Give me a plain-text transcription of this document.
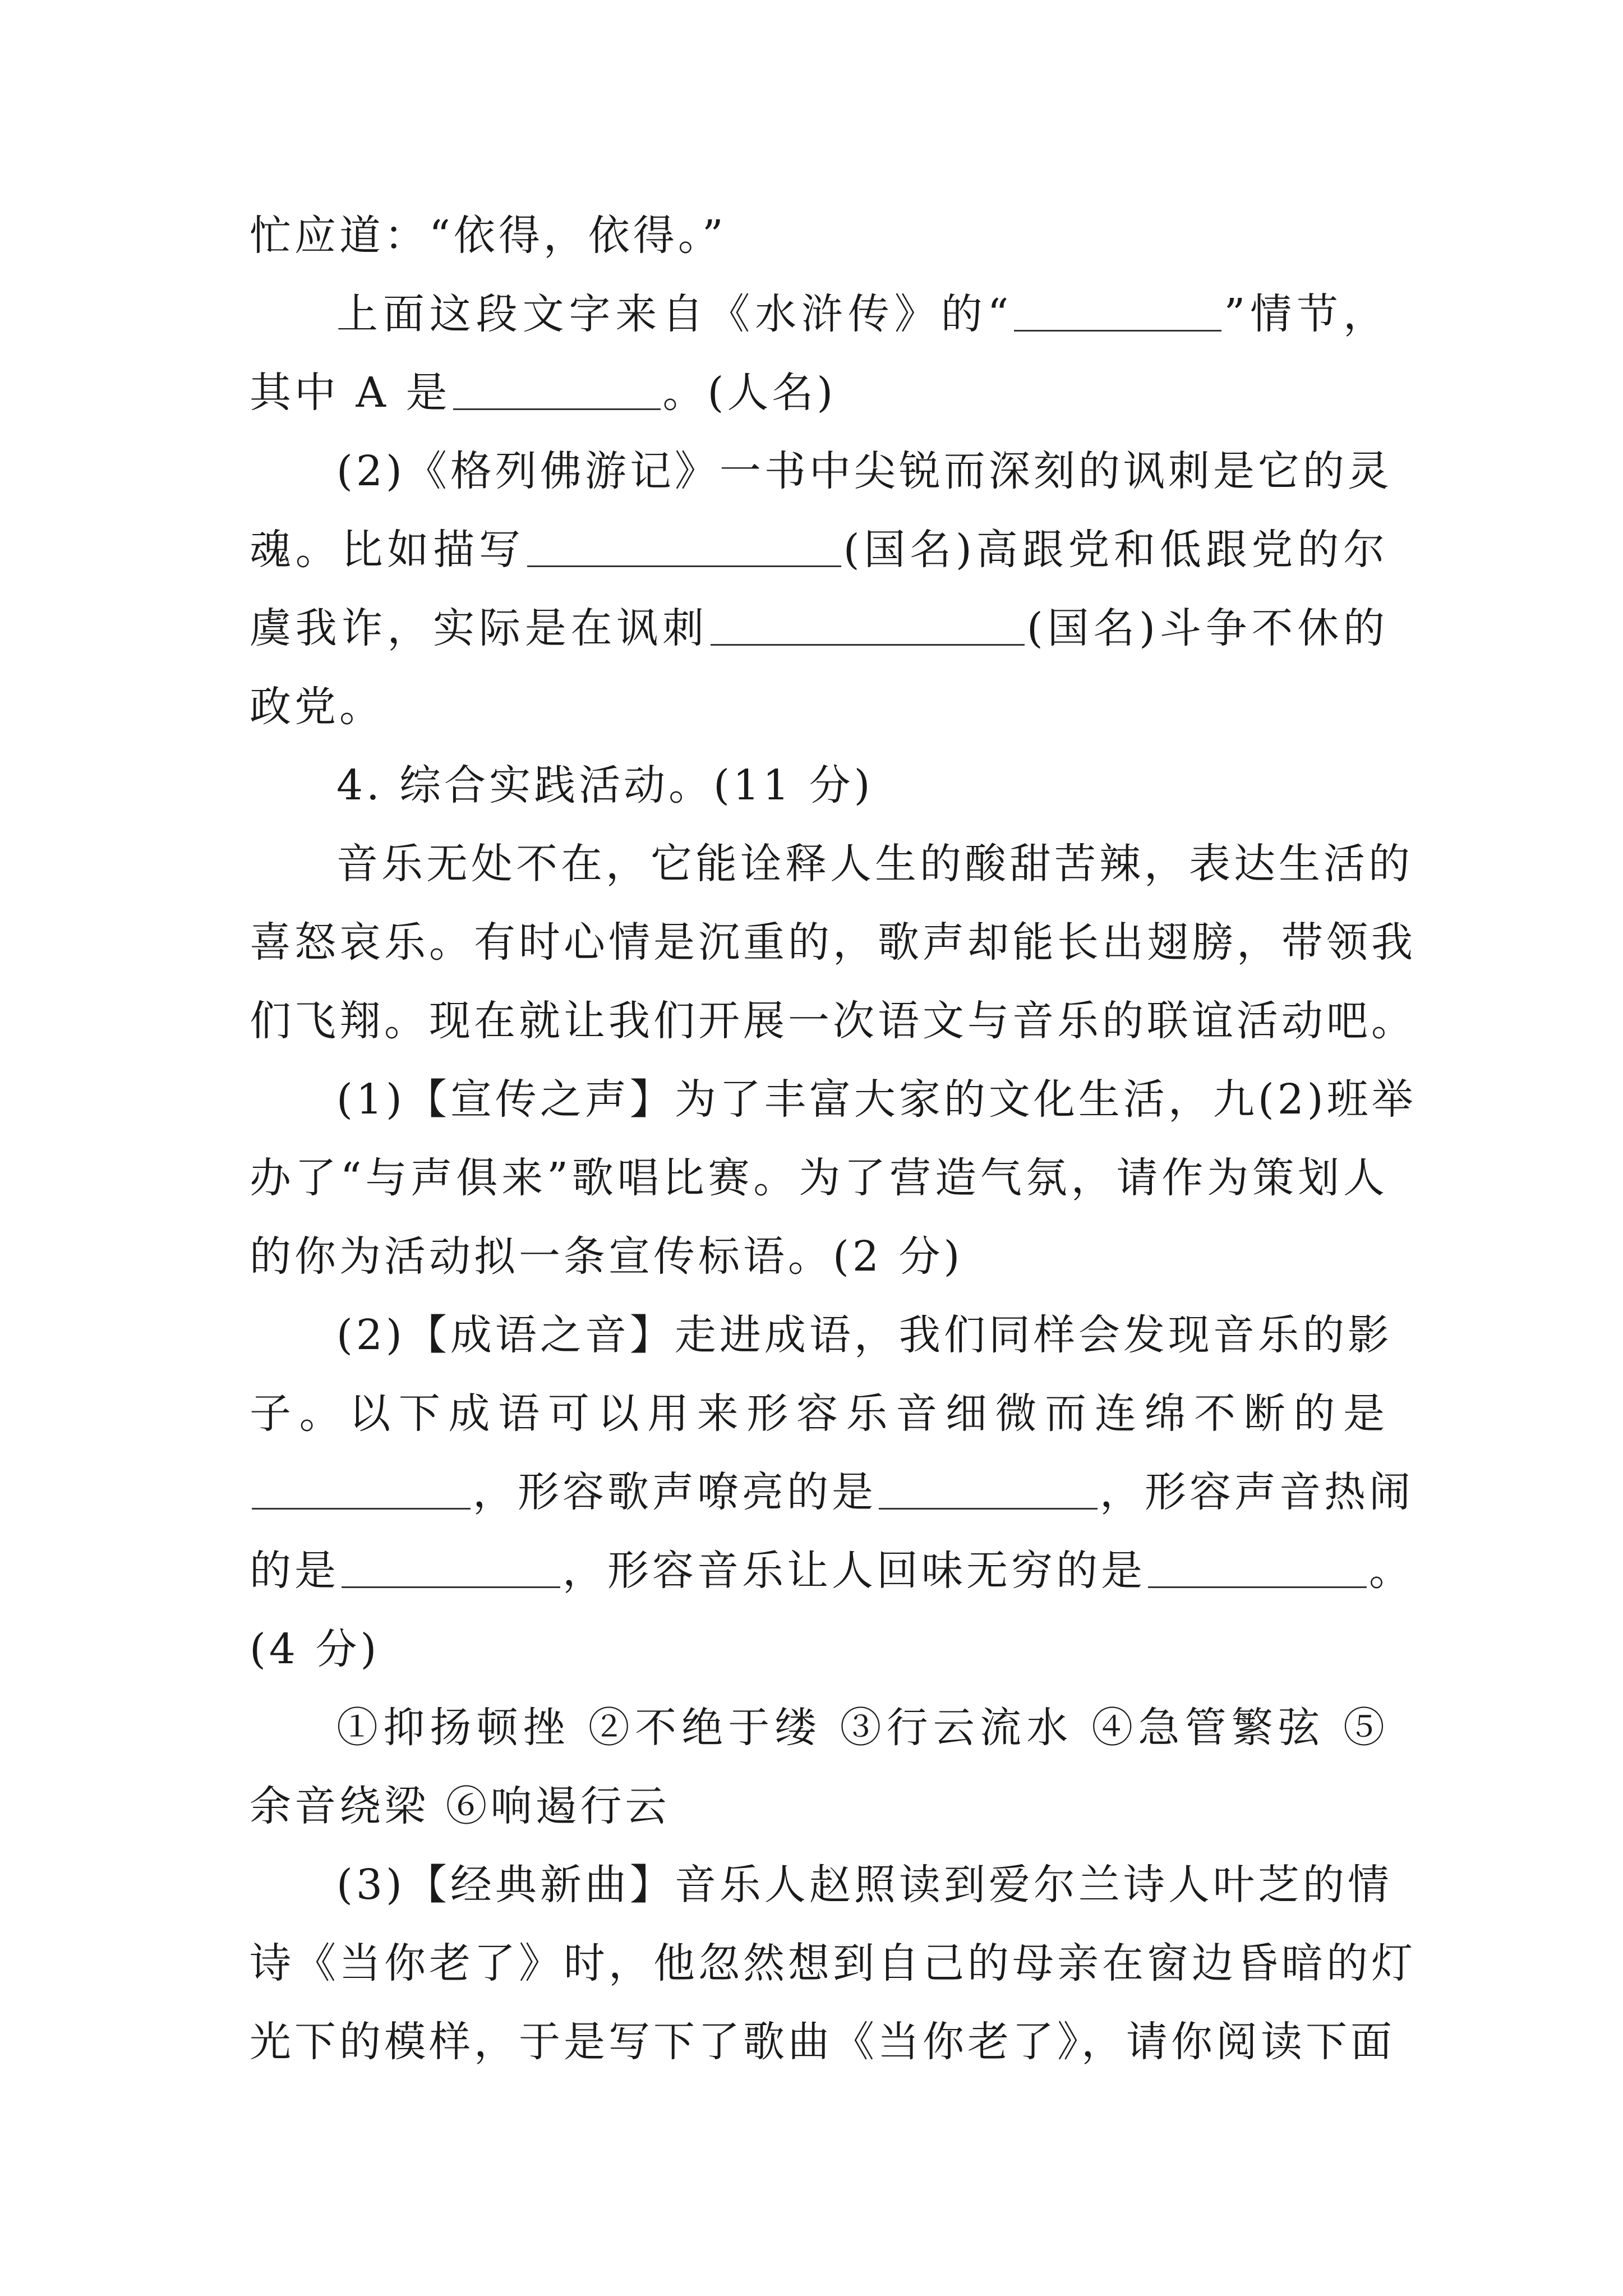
忙应道：“依得，依得。”
上面这段文字来自《水浒传》的“	”情节，
其中 A 是	。(人名)
(2)《格列佛游记》一书中尖锐而深刻的讽刺是它的灵
魂。比如描写	(国名)高跟党和低跟党的尔
虞我诈，实际是在讽刺	(国名)斗争不休的
政党。
4. 综合实践活动。(11 分)
音乐无处不在，它能诠释人生的酸甜苦辣，表达生活的
喜怒哀乐。有时心情是沉重的，歌声却能长出翅膀，带领我
们飞翔。现在就让我们开展一次语文与音乐的联谊活动吧。
(1)【宣传之声】为了丰富大家的文化生活，九(2)班举
办了“与声俱来”歌唱比赛。为了营造气氛，请作为策划人
的你为活动拟一条宣传标语。(2 分)
(2)【成语之音】走进成语，我们同样会发现音乐的影
子。以下成语可以用来形容乐音细微而连绵不断的是
，形容歌声嘹亮的是	，形容声音热闹
的是	，形容音乐让人回味无穷的是	。
(4 分)
①抑扬顿挫 ②不绝于缕 ③行云流水 ④急管繁弦 ⑤
余音绕梁 ⑥响遏行云
(3)【经典新曲】音乐人赵照读到爱尔兰诗人叶芝的情
诗《当你老了》时，他忽然想到自己的母亲在窗边昏暗的灯
光下的模样，于是写下了歌曲《当你老了》，请你阅读下面
